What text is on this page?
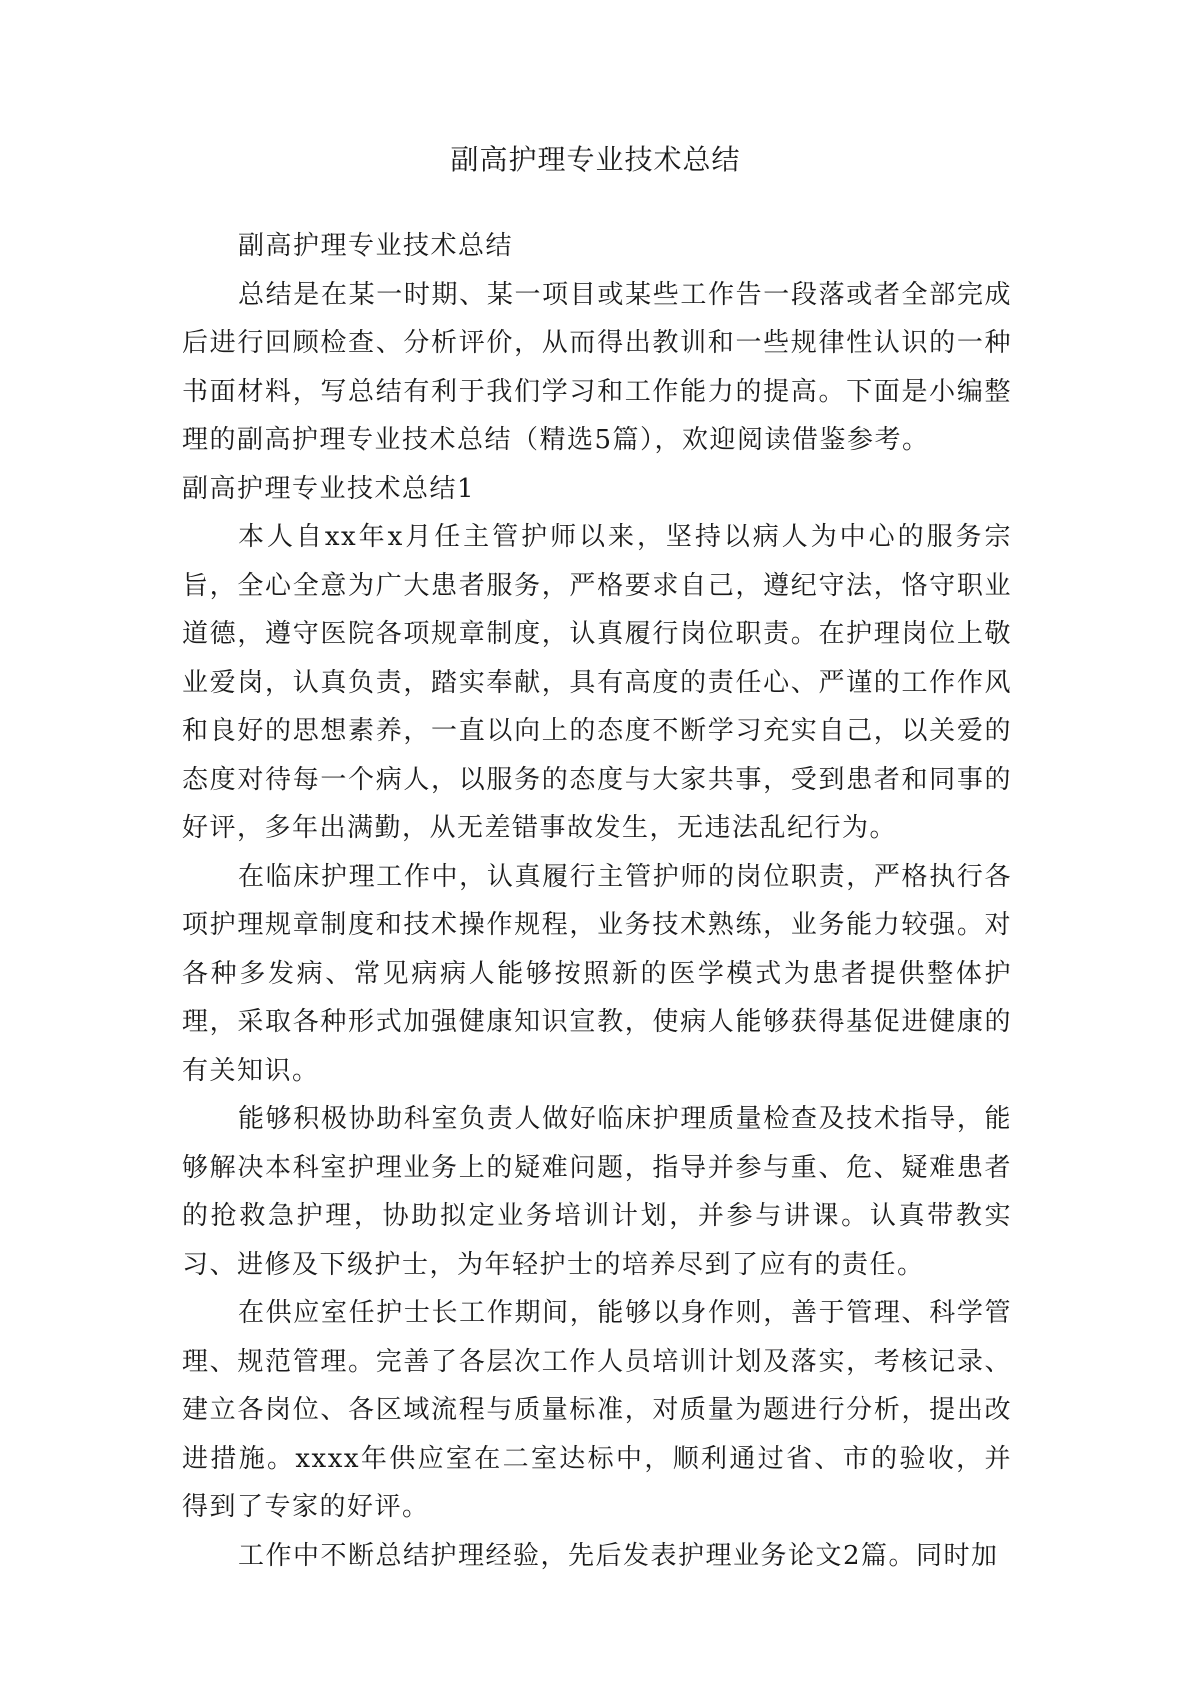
副高护理专业技术总结

副高护理专业技术总结

总结是在某一时期、某一项目或某些工作告一段落或者全部完成后进行回顾检查、分析评价，从而得出教训和一些规律性认识的一种书面材料，写总结有利于我们学习和工作能力的提高。下面是小编整理的副高护理专业技术总结（精选5篇），欢迎阅读借鉴参考。

副高护理专业技术总结1

本人自xx年x月任主管护师以来，坚持以病人为中心的服务宗旨，全心全意为广大患者服务，严格要求自己，遵纪守法，恪守职业道德，遵守医院各项规章制度，认真履行岗位职责。在护理岗位上敬业爱岗，认真负责，踏实奉献，具有高度的责任心、严谨的工作作风和良好的思想素养，一直以向上的态度不断学习充实自己，以关爱的态度对待每一个病人，以服务的态度与大家共事，受到患者和同事的好评，多年出满勤，从无差错事故发生，无违法乱纪行为。

在临床护理工作中，认真履行主管护师的岗位职责，严格执行各项护理规章制度和技术操作规程，业务技术熟练，业务能力较强。对各种多发病、常见病病人能够按照新的医学模式为患者提供整体护理，采取各种形式加强健康知识宣教，使病人能够获得基促进健康的有关知识。

能够积极协助科室负责人做好临床护理质量检查及技术指导，能够解决本科室护理业务上的疑难问题，指导并参与重、危、疑难患者的抢救急护理，协助拟定业务培训计划，并参与讲课。认真带教实习、进修及下级护士，为年轻护士的培养尽到了应有的责任。

在供应室任护士长工作期间，能够以身作则，善于管理、科学管理、规范管理。完善了各层次工作人员培训计划及落实，考核记录、建立各岗位、各区域流程与质量标准，对质量为题进行分析，提出改进措施。xxxx年供应室在二室达标中，顺利通过省、市的验收，并得到了专家的好评。

工作中不断总结护理经验，先后发表护理业务论文2篇。同时加
